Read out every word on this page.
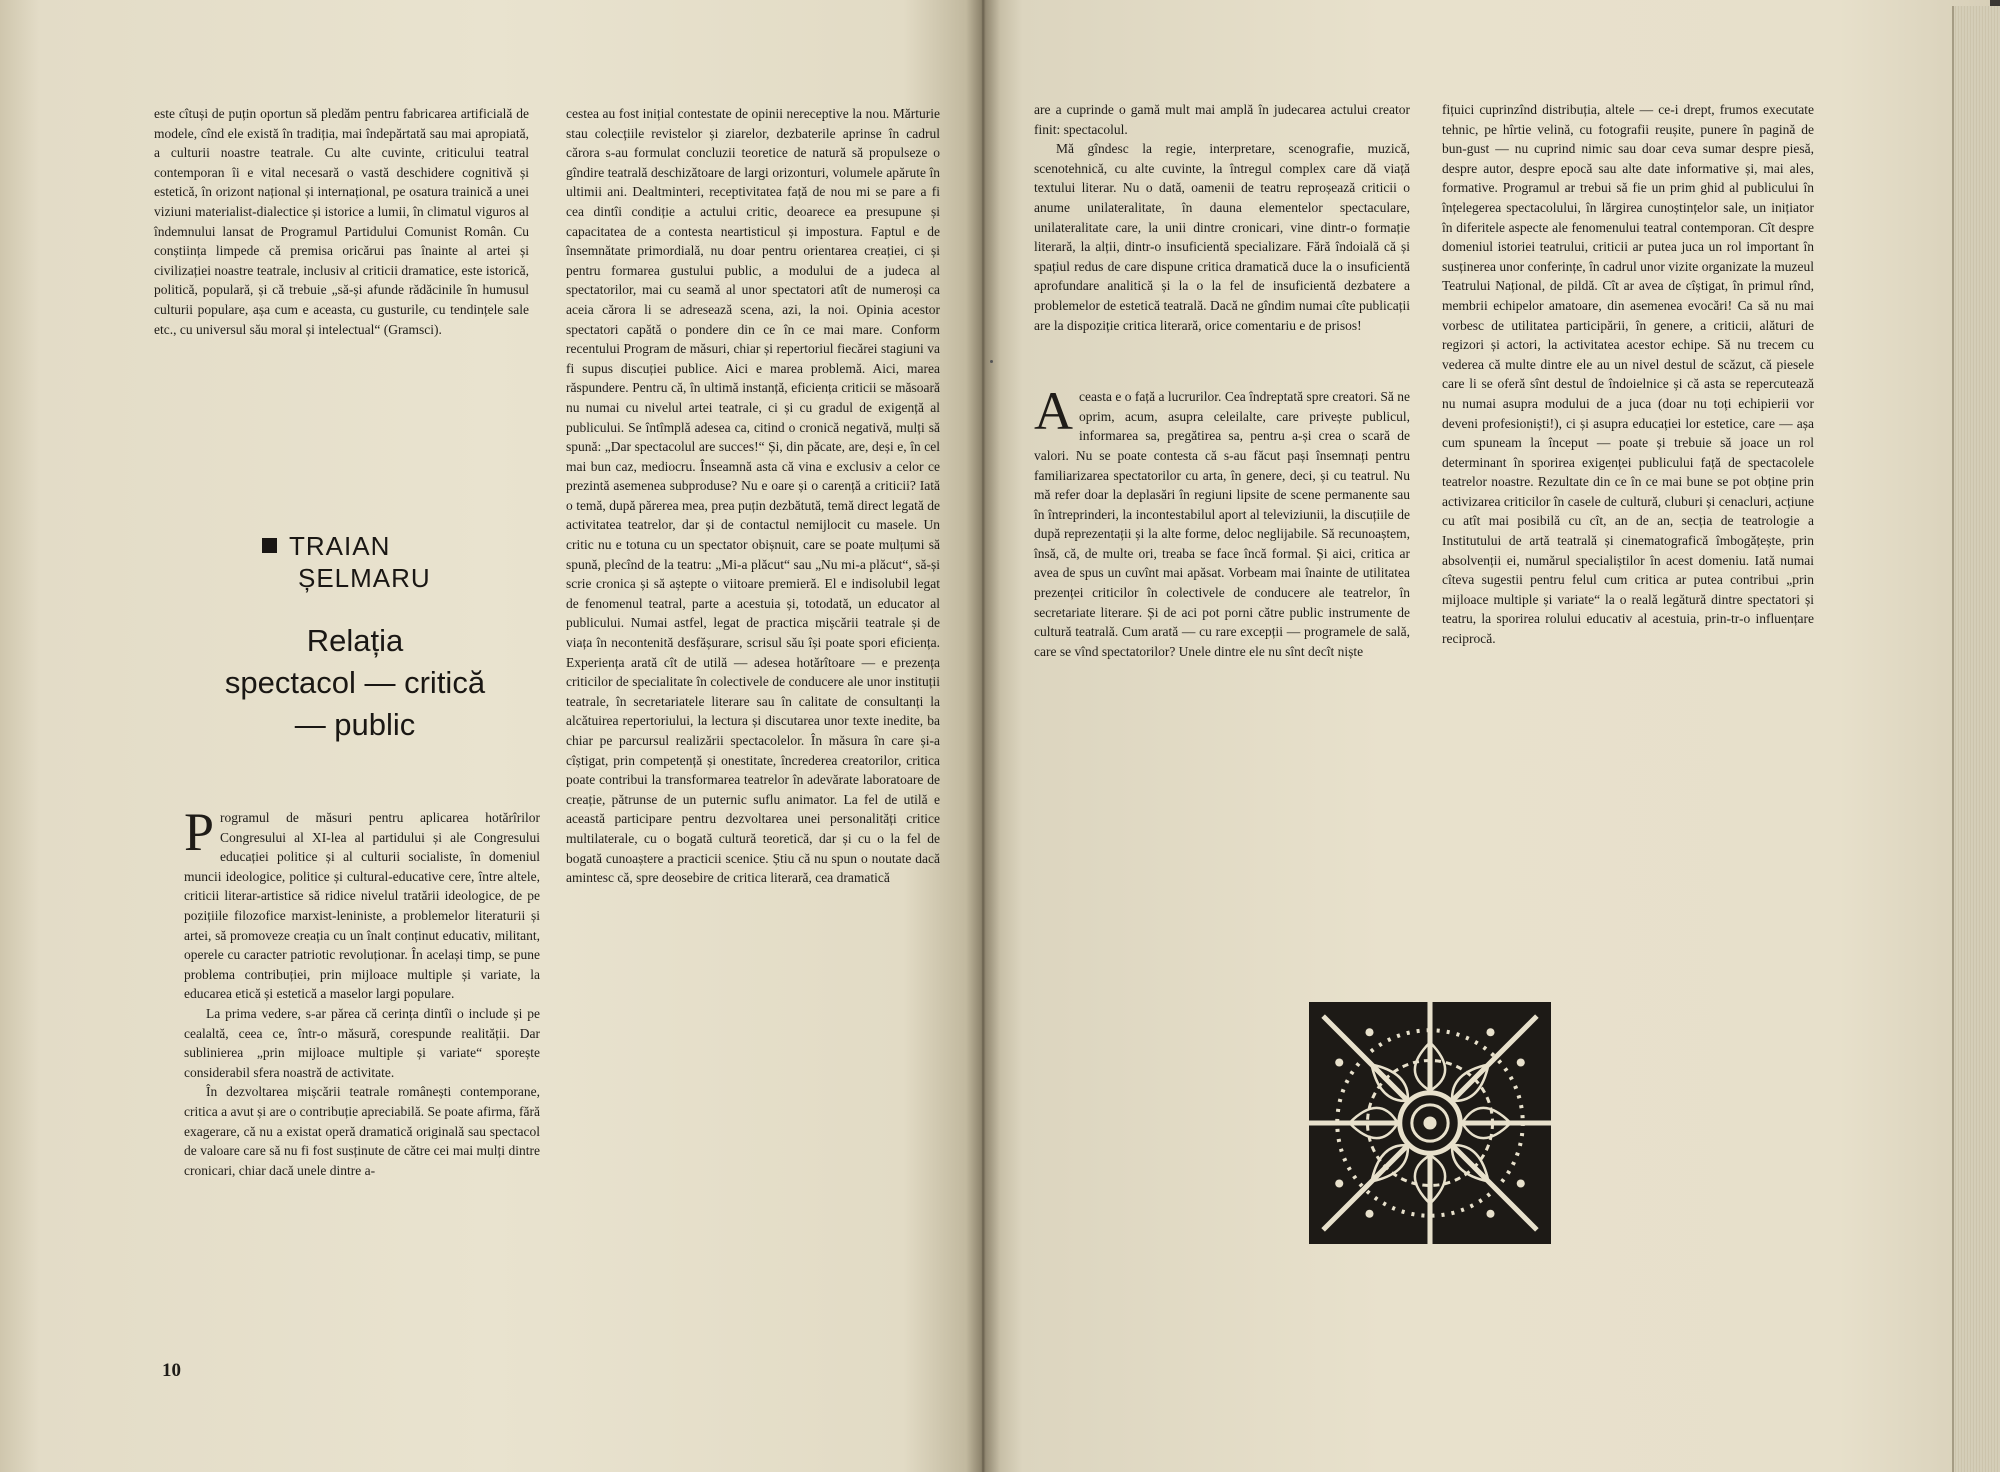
este cîtuși de puțin oportun să pledăm pentru fabricarea artificială de modele, cînd ele există în tradiția, mai îndepărtată sau mai apropiată, a culturii noastre teatrale. Cu alte cuvinte, criticului teatral contemporan îi e vital necesară o vastă deschidere cognitivă și estetică, în orizont național și internațional, pe osatura trainică a unei viziuni materialist-dialectice și istorice a lumii, în climatul viguros al îndemnului lansat de Programul Partidului Comunist Român. Cu conștiința limpede că premisa oricărui pas înainte al artei și civilizației noastre teatrale, inclusiv al criticii dramatice, este istorică, politică, populară, și că trebuie „să-și afunde rădăcinile în humusul culturii populare, așa cum e aceasta, cu gusturile, cu tendințele sale etc., cu universul său moral și intelectual“ (Gramsci).

TRAIAN
ȘELMARU
Relația
spectacol — critică
— public

Programul de măsuri pentru aplicarea hotărîrilor Congresului al XI-lea al partidului și ale Congresului educației politice și al culturii socialiste, în domeniul muncii ideologice, politice și cultural-educative cere, între altele, criticii literar-artistice să ridice nivelul tratării ideologice, de pe pozițiile filozofice marxist-leniniste, a problemelor literaturii și artei, să promoveze creația cu un înalt conținut educativ, militant, operele cu caracter patriotic revoluționar. În același timp, se pune problema contribuției, prin mijloace multiple și variate, la educarea etică și estetică a maselor largi populare.

La prima vedere, s-ar părea că cerința dintîi o include și pe cealaltă, ceea ce, într-o măsură, corespunde realității. Dar sublinierea „prin mijloace multiple și variate“ sporește considerabil sfera noastră de activitate.

În dezvoltarea mișcării teatrale românești contemporane, critica a avut și are o contribuție apreciabilă. Se poate afirma, fără exagerare, că nu a existat operă dramatică originală sau spectacol de valoare care să nu fi fost susținute de către cei mai mulți dintre cronicari, chiar dacă unele dintre a-

cestea au fost inițial contestate de opinii nereceptive la nou. Mărturie stau colecțiile revistelor și ziarelor, dezbaterile aprinse în cadrul cărora s-au formulat concluzii teoretice de natură să propulseze o gîndire teatrală deschizătoare de largi orizonturi, volumele apărute în ultimii ani. Dealtminteri, receptivitatea față de nou mi se pare a fi cea dintîi condiție a actului critic, deoarece ea presupune și capacitatea de a contesta neartisticul și impostura. Faptul e de însemnătate primordială, nu doar pentru orientarea creației, ci și pentru formarea gustului public, a modului de a judeca al spectatorilor, mai cu seamă al unor spectatori atît de numeroși ca aceia cărora li se adresează scena, azi, la noi. Opinia acestor spectatori capătă o pondere din ce în ce mai mare. Conform recentului Program de măsuri, chiar și repertoriul fiecărei stagiuni va fi supus discuției publice. Aici e marea problemă. Aici, marea răspundere. Pentru că, în ultimă instanță, eficiența criticii se măsoară nu numai cu nivelul artei teatrale, ci și cu gradul de exigență al publicului. Se întîmplă adesea ca, citind o cronică negativă, mulți să spună: „Dar spectacolul are succes!“ Și, din păcate, are, deși e, în cel mai bun caz, mediocru. Înseamnă asta că vina e exclusiv a celor ce prezintă asemenea subproduse? Nu e oare și o carență a criticii? Iată o temă, după părerea mea, prea puțin dezbătută, temă direct legată de activitatea teatrelor, dar și de contactul nemijlocit cu masele. Un critic nu e totuna cu un spectator obișnuit, care se poate mulțumi să spună, plecînd de la teatru: „Mi-a plăcut“ sau „Nu mi-a plăcut“, să-și scrie cronica și să aștepte o viitoare premieră. El e indisolubil legat de fenomenul teatral, parte a acestuia și, totodată, un educator al publicului. Numai astfel, legat de practica mișcării teatrale și de viața în necontenită desfășurare, scrisul său își poate spori eficiența. Experiența arată cît de utilă — adesea hotărîtoare — e prezența criticilor de specialitate în colectivele de conducere ale unor instituții teatrale, în secretariatele literare sau în calitate de consultanți la alcătuirea repertoriului, la lectura și discutarea unor texte inedite, ba chiar pe parcursul realizării spectacolelor. În măsura în care și-a cîștigat, prin competență și onestitate, încrederea creatorilor, critica poate contribui la transformarea teatrelor în adevărate laboratoare de creație, pătrunse de un puternic suflu animator. La fel de utilă e această participare pentru dezvoltarea unei personalități critice multilaterale, cu o bogată cultură teoretică, dar și cu o la fel de bogată cunoaștere a practicii scenice. Știu că nu spun o noutate dacă amintesc că, spre deosebire de critica literară, cea dramatică

10

are a cuprinde o gamă mult mai amplă în judecarea actului creator finit: spectacolul.

Mă gîndesc la regie, interpretare, scenografie, muzică, scenotehnică, cu alte cuvinte, la întregul complex care dă viață textului literar. Nu o dată, oamenii de teatru reproșează criticii o anume unilateralitate, în dauna elementelor spectaculare, unilateralitate care, la unii dintre cronicari, vine dintr-o formație literară, la alții, dintr-o insuficientă specializare. Fără îndoială că și spațiul redus de care dispune critica dramatică duce la o insuficientă aprofundare analitică și la o la fel de insuficientă dezbatere a problemelor de estetică teatrală. Dacă ne gîndim numai cîte publicații are la dispoziție critica literară, orice comentariu e de prisos!

Aceasta e o față a lucrurilor. Cea îndreptată spre creatori. Să ne oprim, acum, asupra celeilalte, care privește publicul, informarea sa, pregătirea sa, pentru a-și crea o scară de valori. Nu se poate contesta că s-au făcut pași însemnați pentru familiarizarea spectatorilor cu arta, în genere, deci, și cu teatrul. Nu mă refer doar la deplasări în regiuni lipsite de scene permanente sau în întreprinderi, la incontestabilul aport al televiziunii, la discuțiile de după reprezentații și la alte forme, deloc neglijabile. Să recunoaștem, însă, că, de multe ori, treaba se face încă formal. Și aici, critica ar avea de spus un cuvînt mai apăsat. Vorbeam mai înainte de utilitatea prezenței criticilor în colectivele de conducere ale teatrelor, în secretariate literare. Și de aci pot porni către public instrumente de cultură teatrală. Cum arată — cu rare excepții — programele de sală, care se vînd spectatorilor? Unele dintre ele nu sînt decît niște

fițuici cuprinzînd distribuția, altele — ce-i drept, frumos executate tehnic, pe hîrtie velină, cu fotografii reușite, punere în pagină de bun-gust — nu cuprind nimic sau doar ceva sumar despre piesă, despre autor, despre epocă sau alte date informative și, mai ales, formative. Programul ar trebui să fie un prim ghid al publicului în înțelegerea spectacolului, în lărgirea cunoștințelor sale, un inițiator în diferitele aspecte ale fenomenului teatral contemporan. Cît despre domeniul istoriei teatrului, criticii ar putea juca un rol important în susținerea unor conferințe, în cadrul unor vizite organizate la muzeul Teatrului Național, de pildă. Cît ar avea de cîștigat, în primul rînd, membrii echipelor amatoare, din asemenea evocări! Ca să nu mai vorbesc de utilitatea participării, în genere, a criticii, alături de regizori și actori, la activitatea acestor echipe. Să nu trecem cu vederea că multe dintre ele au un nivel destul de scăzut, că piesele care li se oferă sînt destul de îndoielnice și că asta se repercutează nu numai asupra modului de a juca (doar nu toți echipierii vor deveni profesioniști!), ci și asupra educației lor estetice, care — așa cum spuneam la început — poate și trebuie să joace un rol determinant în sporirea exigenței publicului față de spectacolele teatrelor noastre. Rezultate din ce în ce mai bune se pot obține prin activizarea criticilor în casele de cultură, cluburi și cenacluri, acțiune cu atît mai posibilă cu cît, an de an, secția de teatrologie a Institutului de artă teatrală și cinematografică îmbogățește, prin absolvenții ei, numărul specialiștilor în acest domeniu. Iată numai cîteva sugestii pentru felul cum critica ar putea contribui „prin mijloace multiple și variate“ la o reală legătură dintre spectatori și teatru, la sporirea rolului educativ al acestuia, prin-tr-o influențare reciprocă.
